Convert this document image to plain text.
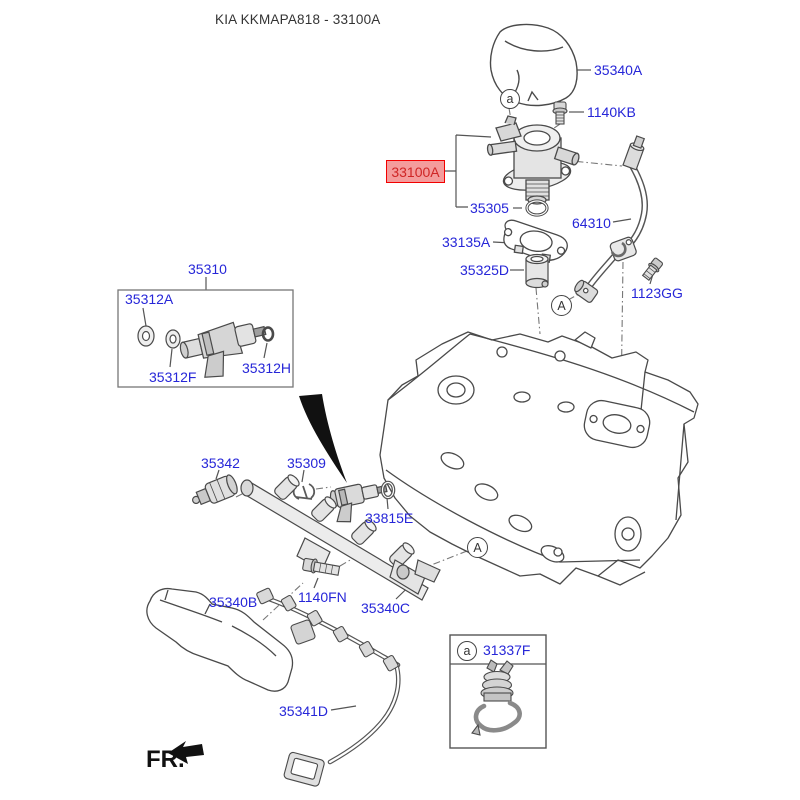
KIA KKMAPA818 - 33100A
33100A
35340A
1140KB
35305
33135A
35325D
64310
1123GG
35310
35312A
35312F
35312H
35342	35309
33815E
35340B	1140FN
35340C
35341D
31337F
a
A
A
a
FR.
